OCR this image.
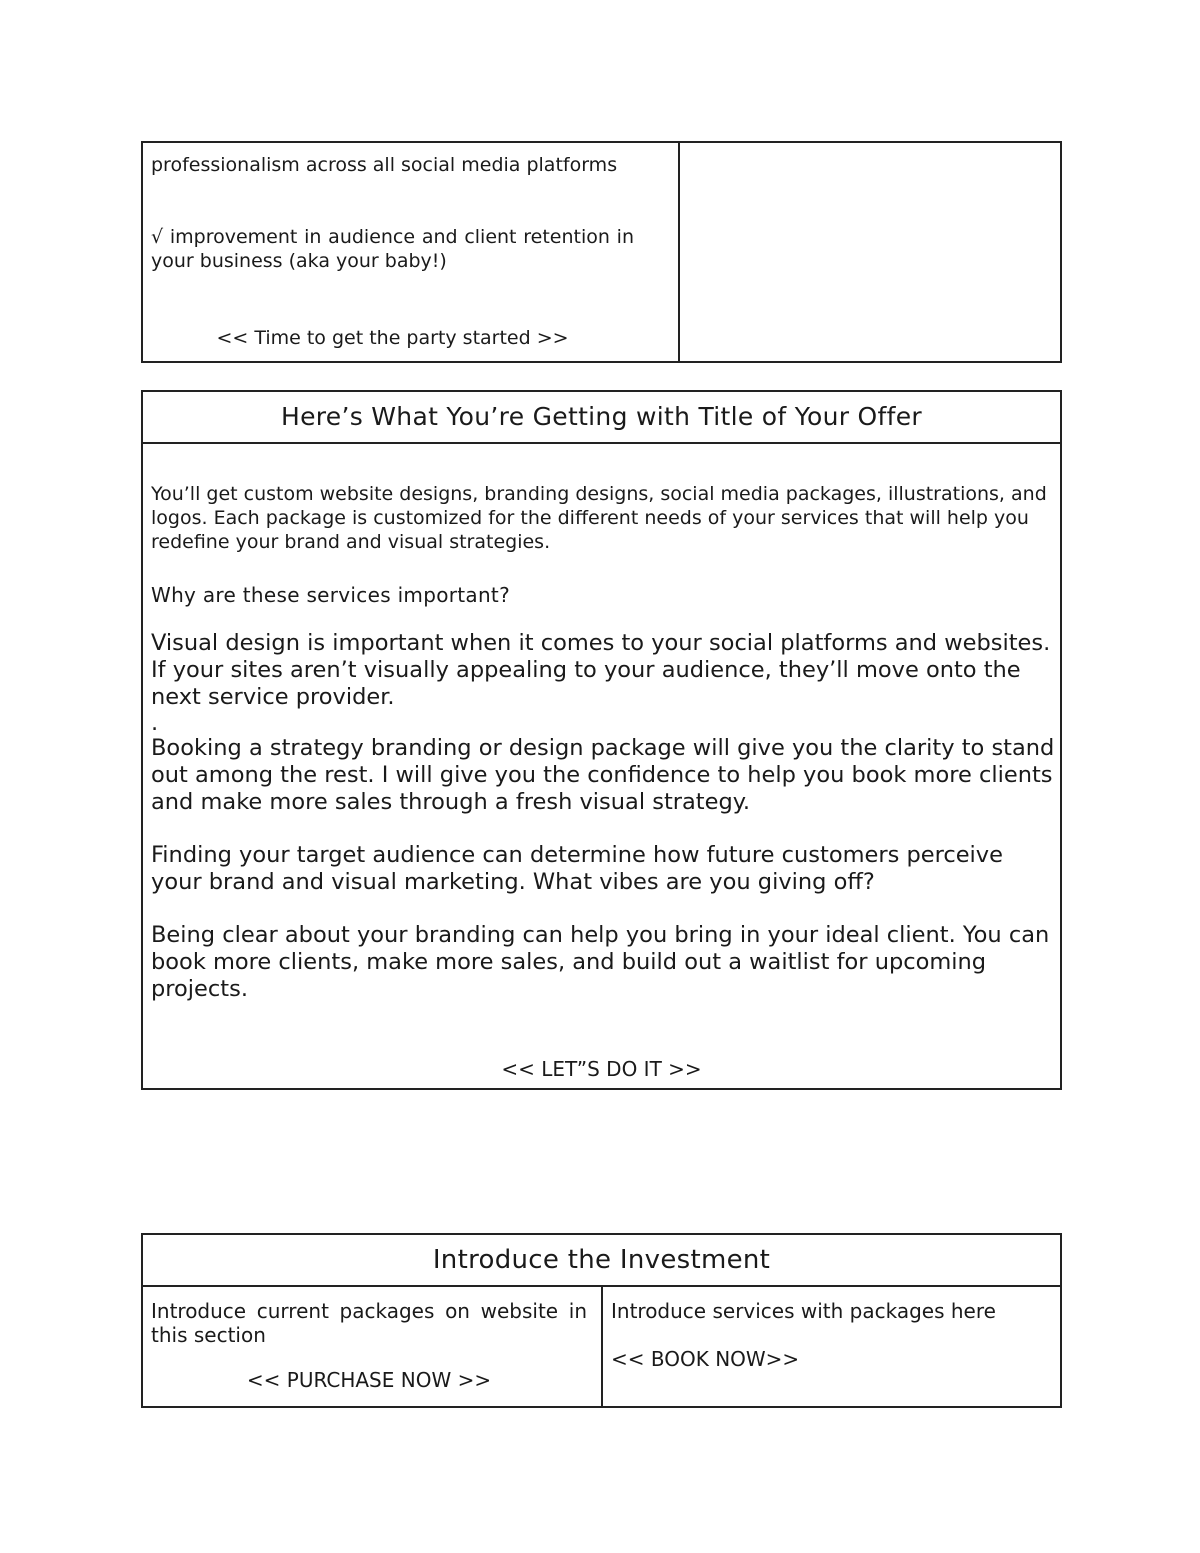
professionalism across all social media platforms

√ improvement in audience and client retention in your business (aka your baby!)

<< Time to get the party started >>

Here’s What You’re Getting with Title of Your Offer

You’ll get custom website designs, branding designs, social media packages, illustrations, and logos. Each package is customized for the different needs of your services that will help you redefine your brand and visual strategies.

Why are these services important?

Visual design is important when it comes to your social platforms and websites. If your sites aren’t visually appealing to your audience, they’ll move onto the next service provider.

.

Booking a strategy branding or design package will give you the clarity to stand out among the rest. I will give you the confidence to help you book more clients and make more sales through a fresh visual strategy.

Finding your target audience can determine how future customers perceive your brand and visual marketing. What vibes are you giving off?

Being clear about your branding can help you bring in your ideal client. You can book more clients, make more sales, and build out a waitlist for upcoming projects.

<< LET”S DO IT >>

Introduce the Investment

Introduce current packages on website in this section

<< PURCHASE NOW >>

Introduce services with packages here

<< BOOK NOW>>
